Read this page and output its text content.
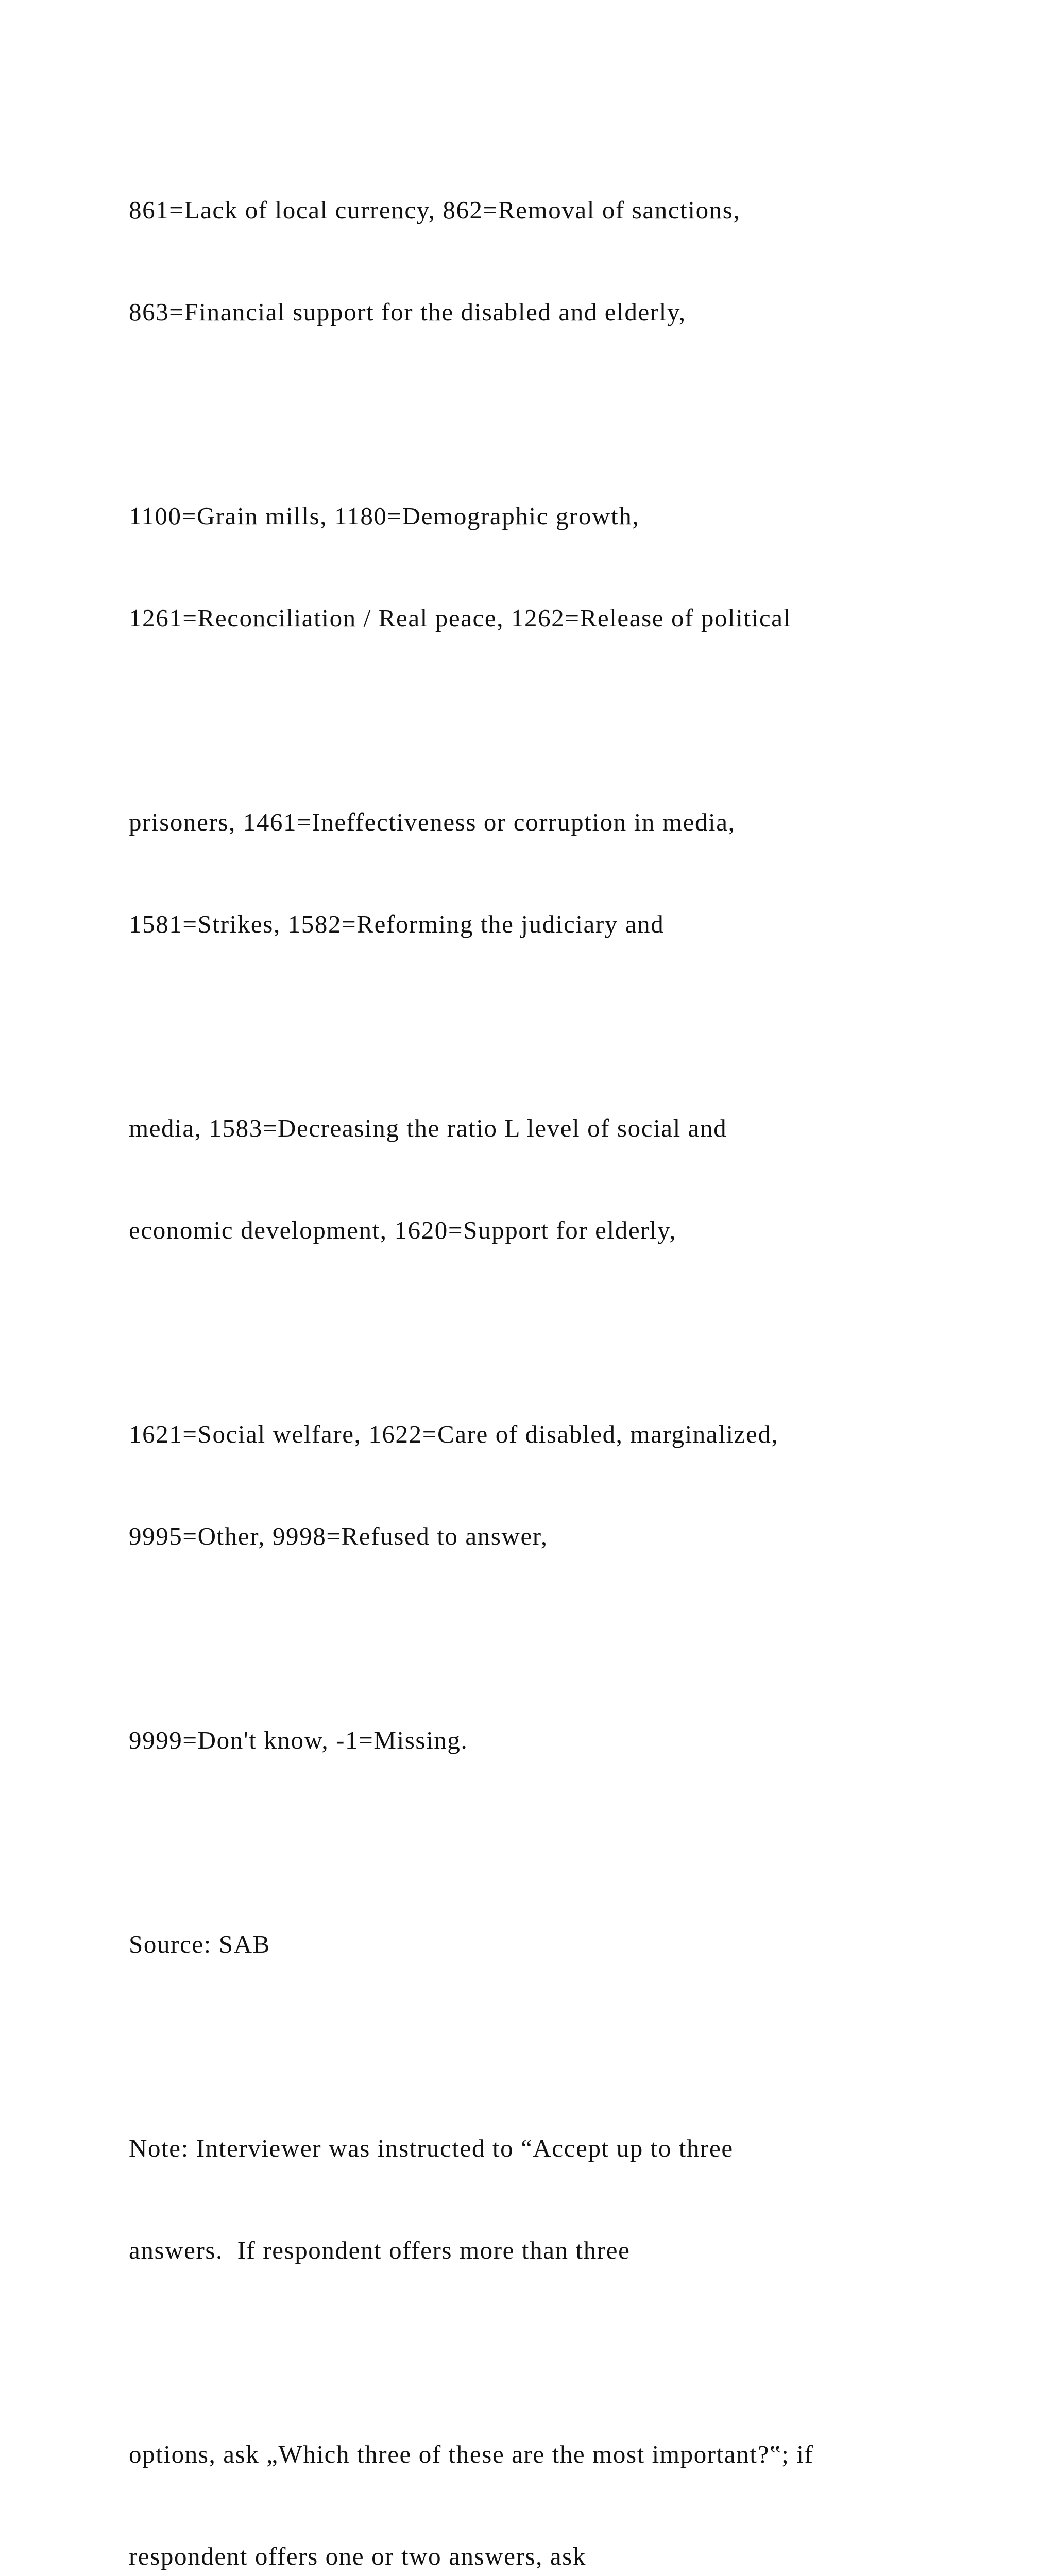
861=Lack of local currency, 862=Removal of sanctions,

863=Financial support for the disabled and elderly,

1100=Grain mills, 1180=Demographic growth,

1261=Reconciliation / Real peace, 1262=Release of political

prisoners, 1461=Ineffectiveness or corruption in media,

1581=Strikes, 1582=Reforming the judiciary and

media, 1583=Decreasing the ratio L level of social and

economic development, 1620=Support for elderly,

1621=Social welfare, 1622=Care of disabled, marginalized,

9995=Other, 9998=Refused to answer,

9999=Don't know, -1=Missing.

Source: SAB

Note: Interviewer was instructed to “Accept up to three

answers.  If respondent offers more than three

options, ask „Which three of these are the most important?‟; if

respondent offers one or two answers, ask
